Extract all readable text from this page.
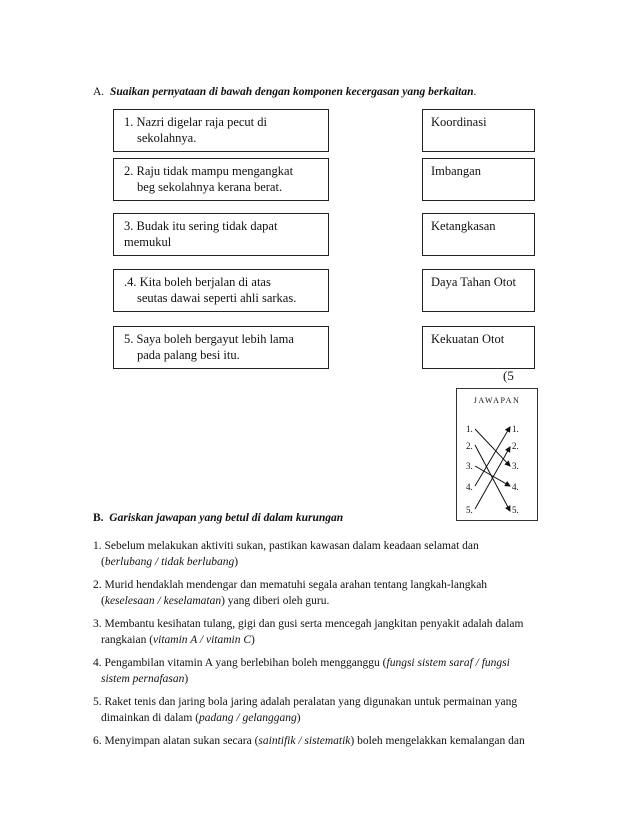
A. Suaikan pernyataan di bawah dengan komponen kecergasan yang berkaitan.
1. Nazri digelar raja pecut di
sekolahnya.
2. Raju tidak mampu mengangkat
beg sekolahnya kerana berat.
3. Budak itu sering tidak dapat
memukul
.4. Kita boleh berjalan di atas
seutas dawai seperti ahli sarkas.
5. Saya boleh bergayut lebih lama
pada palang besi itu.
Koordinasi
Imbangan
Ketangkasan
Daya Tahan Otot
Kekuatan Otot
(5
JAWAPAN
1.
2.
3.
4.
5.
1.
2.
3.
4.
5.
B. Gariskan jawapan yang betul di dalam kurungan
1. Sebelum melakukan aktiviti sukan, pastikan kawasan dalam keadaan selamat dan
(berlubang / tidak berlubang)
2. Murid hendaklah mendengar dan mematuhi segala arahan tentang langkah-langkah
(keselesaan / keselamatan) yang diberi oleh guru.
3. Membantu kesihatan tulang, gigi dan gusi serta mencegah jangkitan penyakit adalah dalam
rangkaian (vitamin A / vitamin C)
4. Pengambilan vitamin A yang berlebihan boleh mengganggu (fungsi sistem saraf / fungsi
sistem pernafasan)
5. Raket tenis dan jaring bola jaring adalah peralatan yang digunakan untuk permainan yang
dimainkan di dalam (padang / gelanggang)
6. Menyimpan alatan sukan secara (saintifik / sistematik) boleh mengelakkan kemalangan dan
